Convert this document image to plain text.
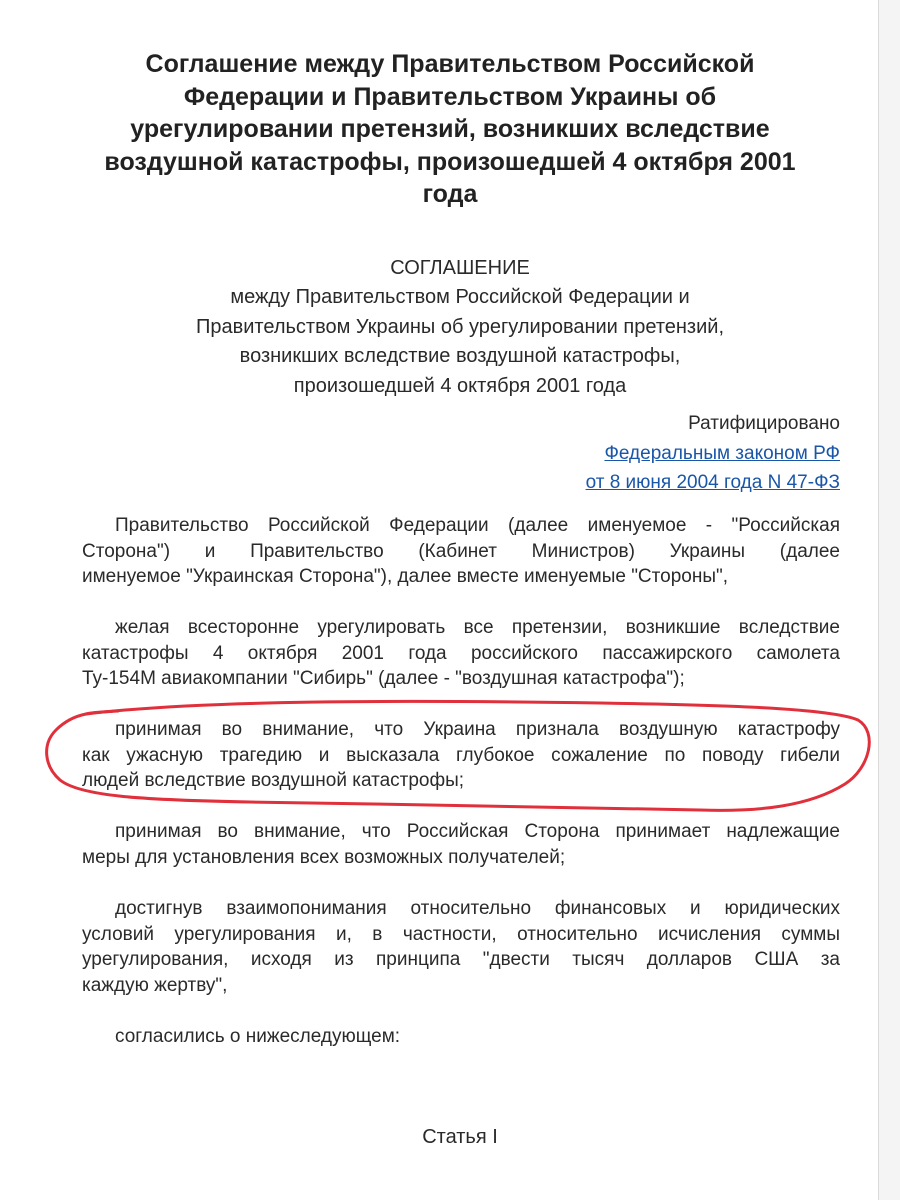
Соглашение между Правительством Российской
Федерации и Правительством Украины об
урегулировании претензий, возникших вследствие
воздушной катастрофы, произошедшей 4 октября 2001
года
СОГЛАШЕНИЕ
между Правительством Российской Федерации и
Правительством Украины об урегулировании претензий,
возникших вследствие воздушной катастрофы,
произошедшей 4 октября 2001 года
Ратифицировано
Федеральным законом РФ
от 8 июня 2004 года N 47-ФЗ
Правительство Российской Федерации (далее именуемое - "Российская
Сторона") и Правительство (Кабинет Министров) Украины (далее
именуемое "Украинская Сторона"), далее вместе именуемые "Стороны",
желая всесторонне урегулировать все претензии, возникшие вследствие
катастрофы 4 октября 2001 года российского пассажирского самолета
Ту-154М авиакомпании "Сибирь" (далее - "воздушная катастрофа");
принимая во внимание, что Украина признала воздушную катастрофу
как ужасную трагедию и высказала глубокое сожаление по поводу гибели
людей вследствие воздушной катастрофы;
принимая во внимание, что Российская Сторона принимает надлежащие
меры для установления всех возможных получателей;
достигнув взаимопонимания относительно финансовых и юридических
условий урегулирования и, в частности, относительно исчисления суммы
урегулирования, исходя из принципа "двести тысяч долларов США за
каждую жертву",
согласились о нижеследующем:
Статья I
